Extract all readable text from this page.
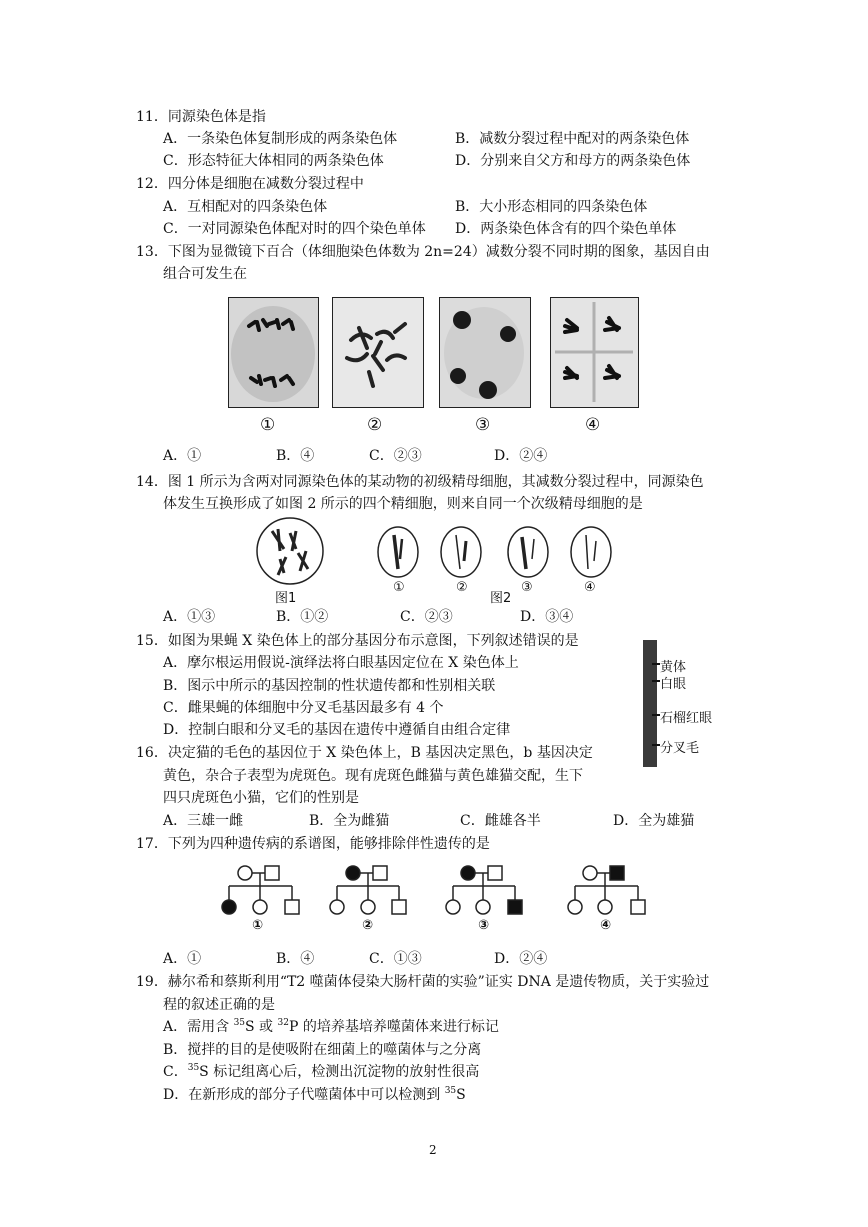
11．同源染色体是指
A．一条染色体复制形成的两条染色体	B．减数分裂过程中配对的两条染色体
C．形态特征大体相同的两条染色体	D．分别来自父方和母方的两条染色体
12．四分体是细胞在减数分裂过程中
A．互相配对的四条染色体	B．大小形态相同的四条染色体
C．一对同源染色体配对时的四个染色单体 D．两条染色体含有的四个染色单体
13．下图为显微镜下百合（体细胞染色体数为 2n=24）减数分裂不同时期的图象，基因自由
组合可发生在
①	②	③	④
A．①	B．④	C．②③	D．②④
14．图 1 所示为含两对同源染色体的某动物的初级精母细胞，其减数分裂过程中，同源染色
体发生互换形成了如图 2 所示的四个精细胞，则来自同一个次级精母细胞的是
图1
①	②
图2
③	④
A．①③	B．①②	C．②③	D．③④
15．如图为果蝇 X 染色体上的部分基因分布示意图，下列叙述错误的是
A．摩尔根运用假说-演绎法将白眼基因定位在 X 染色体上
B．图示中所示的基因控制的性状遗传都和性别相关联
C．雌果蝇的体细胞中分叉毛基因最多有 4 个
D．控制白眼和分叉毛的基因在遗传中遵循自由组合定律
黄体
白眼
石榴红眼
分叉毛
16．决定猫的毛色的基因位于 X 染色体上，B 基因决定黑色，b 基因决定
黄色，杂合子表型为虎斑色。现有虎斑色雌猫与黄色雄猫交配，生下
四只虎斑色小猫，它们的性别是
A．三雄一雌	B．全为雌猫	C．雌雄各半	D．全为雄猫
17．下列为四种遗传病的系谱图，能够排除伴性遗传的是
①	②	③	④
A．①	B．④	C．①③	D．②④
19．赫尔希和蔡斯利用“T2 噬菌体侵染大肠杆菌的实验”证实 DNA 是遗传物质，关于实验过
程的叙述正确的是
A．需用含 $^{35}$S 或 $^{32}$P 的培养基培养噬菌体来进行标记
B．搅拌的目的是使吸附在细菌上的噬菌体与之分离
C．$^{35}$S 标记组离心后，检测出沉淀物的放射性很高
D．在新形成的部分子代噬菌体中可以检测到 $^{35}$S
2
